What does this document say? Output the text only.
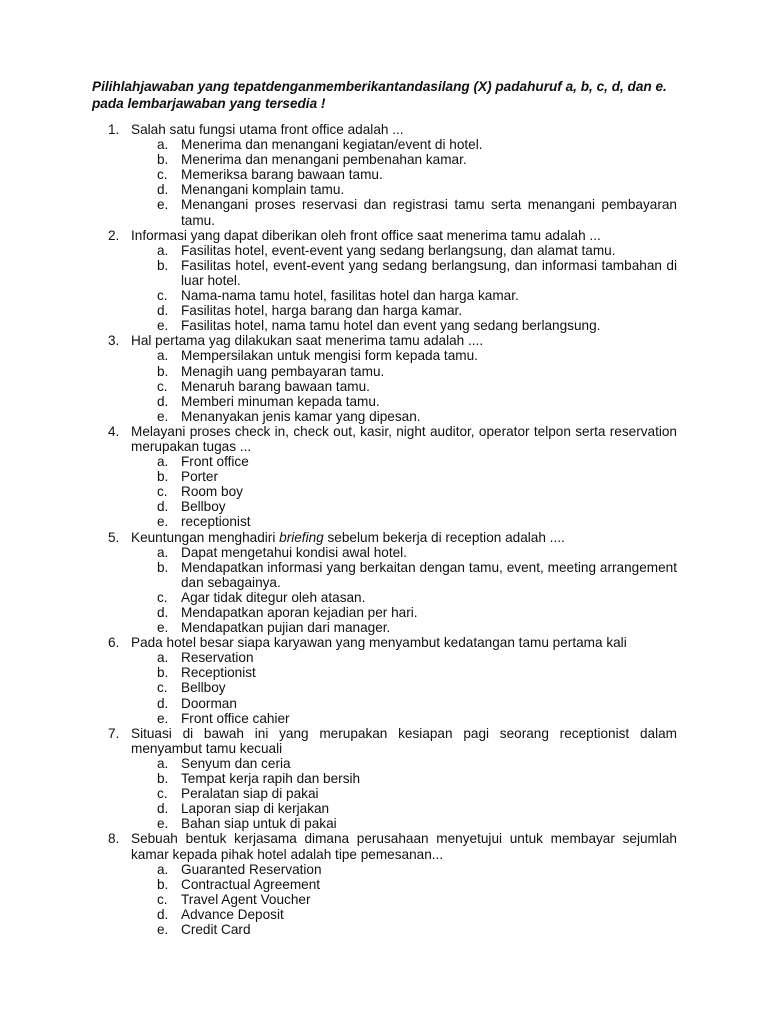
Pilihlahjawaban yang tepatdenganmemberikantandasilang (X) padahuruf a, b, c, d, dan e. pada lembarjawaban yang tersedia !
1. Salah satu fungsi utama front office adalah ...
a. Menerima dan menangani kegiatan/event di hotel.
b. Menerima dan menangani pembenahan kamar.
c. Memeriksa barang bawaan tamu.
d. Menangani komplain tamu.
e. Menangani proses reservasi dan registrasi tamu serta menangani pembayaran tamu.
2. Informasi yang dapat diberikan oleh front office saat menerima tamu adalah ...
a. Fasilitas hotel, event-event yang sedang berlangsung, dan alamat tamu.
b. Fasilitas hotel, event-event yang sedang berlangsung, dan informasi tambahan di luar hotel.
c. Nama-nama tamu hotel, fasilitas hotel dan harga kamar.
d. Fasilitas hotel, harga barang dan harga kamar.
e. Fasilitas hotel, nama tamu hotel dan event yang sedang berlangsung.
3. Hal pertama yag dilakukan saat menerima tamu adalah ....
a. Mempersilakan untuk mengisi form kepada tamu.
b. Menagih uang pembayaran tamu.
c. Menaruh barang bawaan tamu.
d. Memberi minuman kepada tamu.
e. Menanyakan jenis kamar yang dipesan.
4. Melayani proses check in, check out, kasir, night auditor, operator telpon serta reservation merupakan tugas ...
a. Front office
b. Porter
c. Room boy
d. Bellboy
e. receptionist
5. Keuntungan menghadiri briefing sebelum bekerja di reception adalah ....
a. Dapat mengetahui kondisi awal hotel.
b. Mendapatkan informasi yang berkaitan dengan tamu, event, meeting arrangement dan sebagainya.
c. Agar tidak ditegur oleh atasan.
d. Mendapatkan aporan kejadian per hari.
e. Mendapatkan pujian dari manager.
6. Pada hotel besar siapa karyawan yang menyambut kedatangan tamu pertama kali
a. Reservation
b. Receptionist
c. Bellboy
d. Doorman
e. Front office cahier
7. Situasi di bawah ini yang merupakan kesiapan pagi seorang receptionist dalam menyambut tamu kecuali
a. Senyum dan ceria
b. Tempat kerja rapih dan bersih
c. Peralatan siap di pakai
d. Laporan siap di kerjakan
e. Bahan siap untuk di pakai
8. Sebuah bentuk kerjasama dimana perusahaan menyetujui untuk membayar sejumlah kamar kepada pihak hotel adalah tipe pemesanan...
a. Guaranted Reservation
b. Contractual Agreement
c. Travel Agent Voucher
d. Advance Deposit
e. Credit Card
